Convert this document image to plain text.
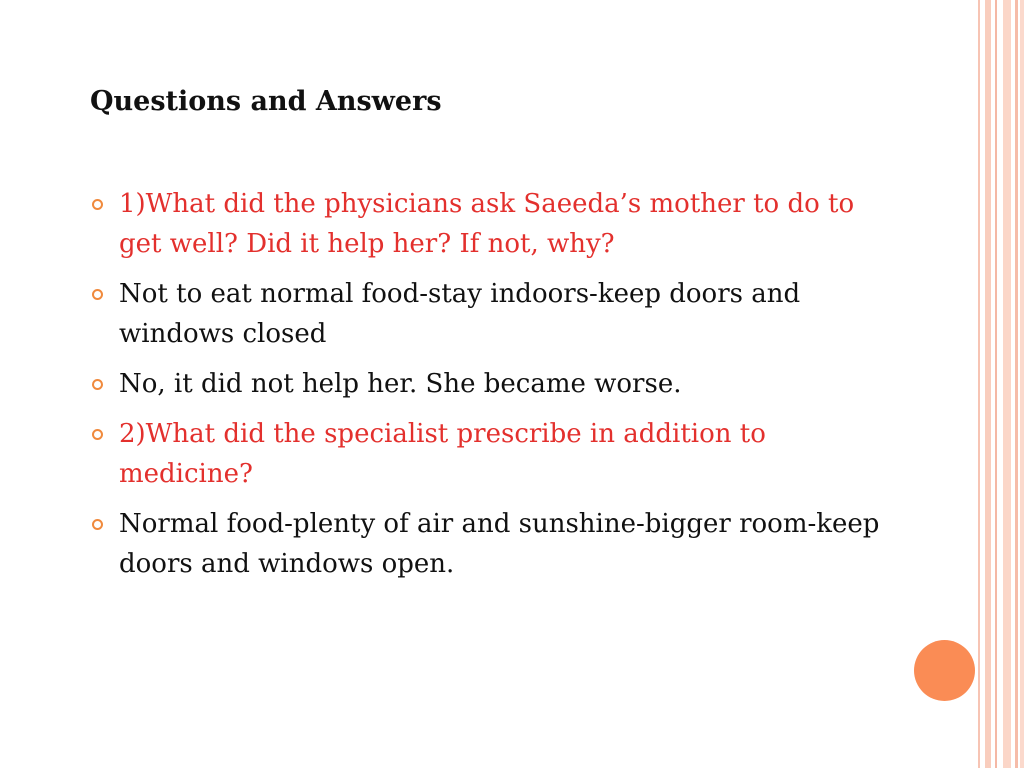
Questions and Answers
1)What did the physicians ask Saeeda’s mother to do to get well? Did it help her? If not, why?
Not to eat normal food-stay indoors-keep doors and windows closed
No, it did not help her. She became worse.
2)What did the specialist prescribe in addition to medicine?
Normal food-plenty of air and sunshine-bigger room-keep doors and windows open.
